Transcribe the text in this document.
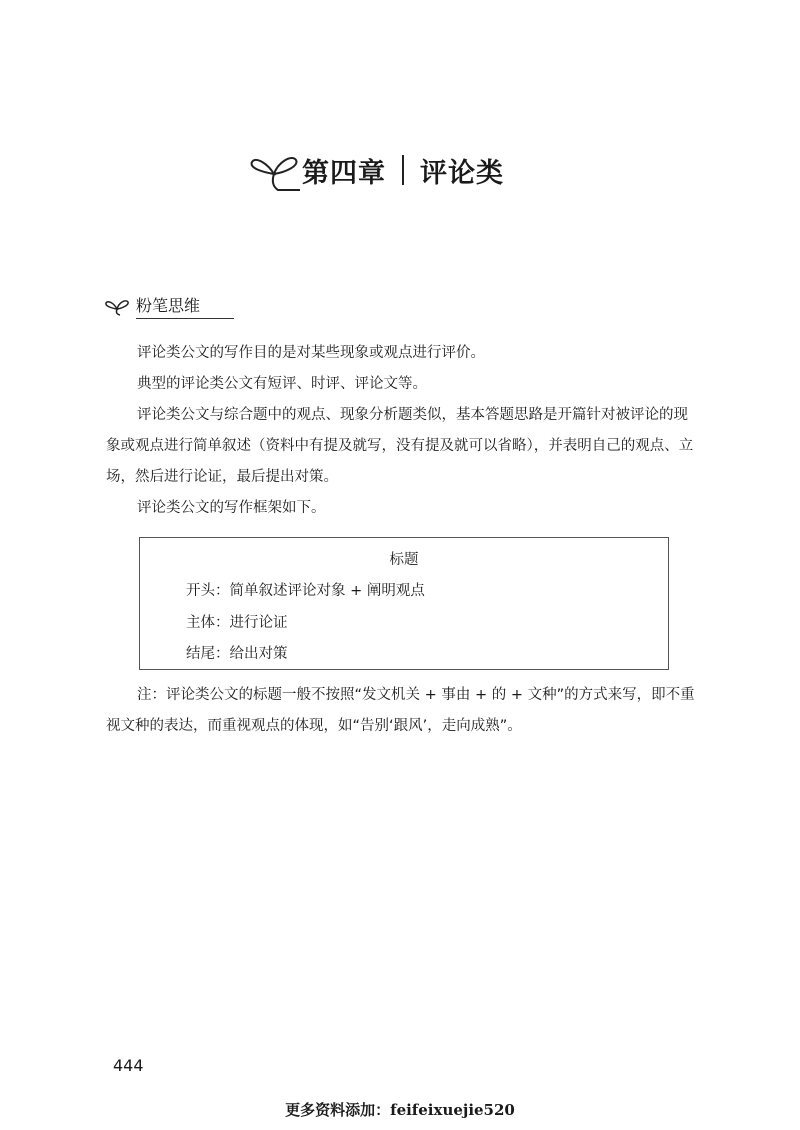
第四章 评论类
粉笔思维

评论类公文的写作目的是对某些现象或观点进行评价。

典型的评论类公文有短评、时评、评论文等。

评论类公文与综合题中的观点、现象分析题类似，基本答题思路是开篇针对被评论的现象或观点进行简单叙述（资料中有提及就写，没有提及就可以省略），并表明自己的观点、立场，然后进行论证，最后提出对策。

评论类公文的写作框架如下。

标题
开头：简单叙述评论对象 + 阐明观点
主体：进行论证
结尾：给出对策

注：评论类公文的标题一般不按照“发文机关 + 事由 + 的 + 文种”的方式来写，即不重视文种的表达，而重视观点的体现，如“告别‘跟风’，走向成熟”。

444
更多资料添加：feifeixuejie520
